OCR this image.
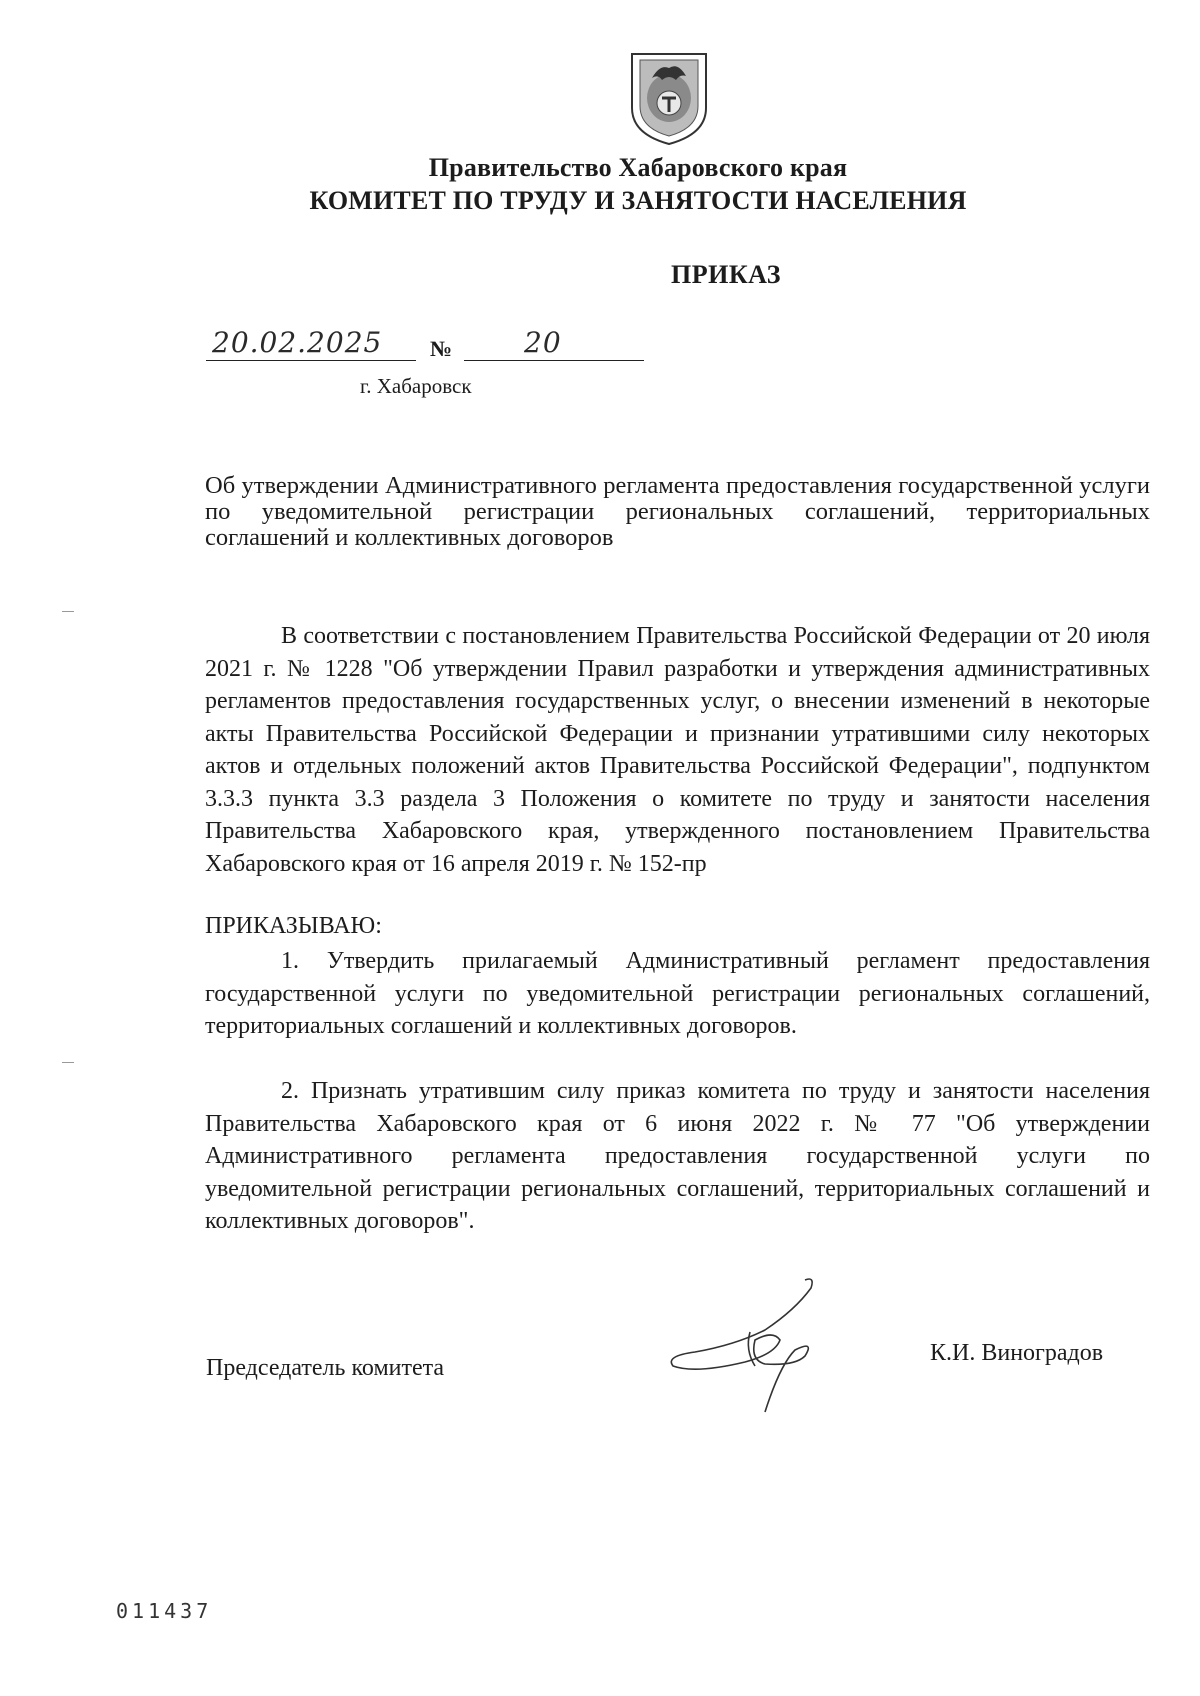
Правительство Хабаровского края
КОМИТЕТ ПО ТРУДУ И ЗАНЯТОСТИ НАСЕЛЕНИЯ
ПРИКАЗ
20.02.2025 №	20
г. Хабаровск
Об утверждении Административного регламента предоставления государственной услуги по уведомительной регистрации региональных соглашений, территориальных соглашений и коллективных договоров
В соответствии с постановлением Правительства Российской Федерации от 20 июля 2021 г. № 1228 "Об утверждении Правил разработки и утверждения административных регламентов предоставления государственных услуг, о внесении изменений в некоторые акты Правительства Российской Федерации и признании утратившими силу некоторых актов и отдельных положений актов Правительства Российской Федерации", подпунктом 3.3.3 пункта 3.3 раздела 3 Положения о комитете по труду и занятости населения Правительства Хабаровского края, утвержденного постановлением Правительства Хабаровского края от 16 апреля 2019 г. № 152-пр
ПРИКАЗЫВАЮ:
1. Утвердить прилагаемый Административный регламент предоставления государственной услуги по уведомительной регистрации региональных соглашений, территориальных соглашений и коллективных договоров.
2. Признать утратившим силу приказ комитета по труду и занятости населения Правительства Хабаровского края от 6 июня 2022 г. № 77 "Об утверждении Административного регламента предоставления государственной услуги по уведомительной регистрации региональных соглашений, территориальных соглашений и коллективных договоров".
Председатель комитета
К.И. Виноградов
011437
